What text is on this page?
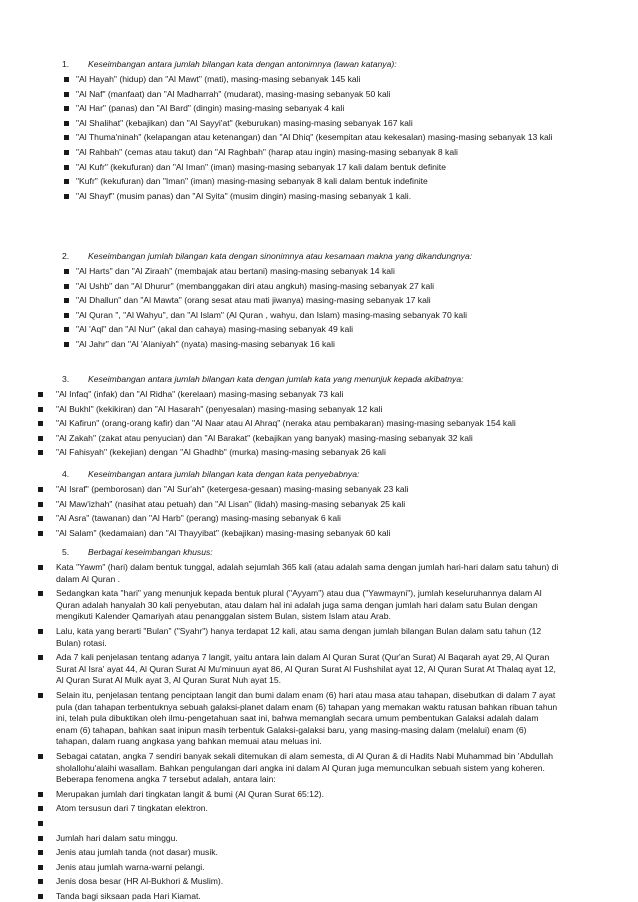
1. Keseimbangan antara jumlah bilangan kata dengan antonimnya (lawan katanya):
"Al Hayah" (hidup) dan "Al Mawt" (mati), masing-masing sebanyak 145 kali
"Al Naf" (manfaat) dan "Al Madharrah" (mudarat), masing-masing sebanyak 50 kali
"Al Har" (panas) dan "Al Bard" (dingin) masing-masing sebanyak 4 kali
"Al Shalihat" (kebajikan) dan "Al Sayyi'at" (keburukan) masing-masing sebanyak 167 kali
"Al Thuma'ninah" (kelapangan atau ketenangan) dan "Al Dhiq" (kesempitan atau kekesalan) masing-masing sebanyak 13 kali
"Al Rahbah" (cemas atau takut) dan "Al Raghbah" (harap atau ingin) masing-masing sebanyak 8 kali
"Al Kufr" (kekufuran) dan "Al Iman" (iman) masing-masing sebanyak 17 kali dalam bentuk definite
"Kufr" (kekufuran) dan "Iman" (iman) masing-masing sebanyak 8 kali dalam bentuk indefinite
"Al Shayf" (musim panas) dan "Al Syita" (musim dingin) masing-masing sebanyak 1 kali.
2. Keseimbangan jumlah bilangan kata dengan sinonimnya atau kesamaan makna yang dikandungnya:
"Al Harts" dan "Al Ziraah" (membajak atau bertani) masing-masing sebanyak 14 kali
"Al Ushb" dan "Al Dhurur" (membanggakan diri atau angkuh) masing-masing sebanyak 27 kali
"Al Dhallun" dan "Al Mawta" (orang sesat atau mati jiwanya) masing-masing sebanyak 17 kali
"Al Quran ", "Al Wahyu", dan "Al Islam" (Al Quran , wahyu, dan Islam) masing-masing sebanyak 70 kali
"Al 'Aql" dan "Al Nur" (akal dan cahaya) masing-masing sebanyak 49 kali
"Al Jahr" dan "Al 'Alaniyah" (nyata) masing-masing sebanyak 16 kali
3. Keseimbangan antara jumlah bilangan kata dengan jumlah kata yang menunjuk kepada akibatnya:
"Al Infaq" (infak) dan "Al Ridha" (kerelaan) masing-masing sebanyak 73 kali
"Al Bukhl" (kekikiran) dan "Al Hasarah" (penyesalan) masing-masing sebanyak 12 kali
"Al Kafirun" (orang-orang kafir) dan "Al Naar atau Al Ahraq" (neraka atau pembakaran) masing-masing sebanyak 154 kali
"Al Zakah" (zakat atau penyucian) dan "Al Barakat" (kebajikan yang banyak) masing-masing sebanyak 32 kali
"Al Fahisyah" (kekejian) dengan "Al Ghadhb" (murka) masing-masing sebanyak 26 kali
4. Keseimbangan antara jumlah bilangan kata dengan kata penyebabnya:
"Al Israf" (pemborosan) dan "Al Sur'ah" (ketergesa-gesaan) masing-masing sebanyak 23 kali
"Al Maw'izhah" (nasihat atau petuah) dan "Al Lisan" (lidah) masing-masing sebanyak 25 kali
"Al Asra" (tawanan) dan "Al Harb" (perang) masing-masing sebanyak 6 kali
"Al Salam" (kedamaian) dan "Al Thayyibat" (kebajikan) masing-masing sebanyak 60 kali
5. Berbagai keseimbangan khusus:
Kata "Yawm" (hari) dalam bentuk tunggal, adalah sejumlah 365 kali (atau adalah sama dengan jumlah hari-hari dalam satu tahun) di
dalam Al Quran .
Sedangkan kata "hari" yang menunjuk kepada bentuk plural ("Ayyam") atau dua ("Yawmayni"), jumlah keseluruhannya dalam Al
Quran adalah hanyalah 30 kali penyebutan, atau dalam hal ini adalah juga sama dengan jumlah hari dalam satu Bulan dengan
mengikuti Kalender Qamariyah atau penanggalan sistem Bulan, sistem Islam atau Arab.
Lalu, kata yang berarti "Bulan" ("Syahr") hanya terdapat 12 kali, atau sama dengan jumlah bilangan Bulan dalam satu tahun (12
Bulan) rotasi.
Ada 7 kali penjelasan tentang adanya 7 langit, yaitu antara lain dalam Al Quran Surat (Qur'an Surat) Al Baqarah ayat 29, Al Quran
Surat Al Isra' ayat 44, Al Quran Surat Al Mu'minuun ayat 86, Al Quran Surat Al Fushshilat ayat 12, Al Quran Surat At Thalaq ayat 12,
Al Quran Surat Al Mulk ayat 3, Al Quran Surat Nuh ayat 15.
Selain itu, penjelasan tentang penciptaan langit dan bumi dalam enam (6) hari atau masa atau tahapan, disebutkan di dalam 7 ayat
pula (dan tahapan terbentuknya sebuah galaksi-planet dalam enam (6) tahapan yang memakan waktu ratusan bahkan ribuan tahun
ini, telah pula dibuktikan oleh ilmu-pengetahuan saat ini, bahwa memanglah secara umum pembentukan Galaksi adalah dalam
enam (6) tahapan, bahkan saat inipun masih terbentuk Galaksi-galaksi baru, yang masing-masing dalam (melalui) enam (6)
tahapan, dalam ruang angkasa yang bahkan memuai atau meluas ini.
Sebagai catatan, angka 7 sendiri banyak sekali ditemukan di alam semesta, di Al Quran & di Hadits Nabi Muhammad bin 'Abdullah
sholallohu'alaihi wasallam. Bahkan pengulangan dari angka ini dalam Al Quran juga memunculkan sebuah sistem yang koheren.
Beberapa fenomena angka 7 tersebut adalah, antara lain:
Merupakan jumlah dari tingkatan langit & bumi (Al Quran Surat 65:12).
Atom tersusun dari 7 tingkatan elektron.
Jumlah hari dalam satu minggu.
Jenis atau jumlah tanda (not dasar) musik.
Jenis atau jumlah warna-warni pelangi.
Jenis dosa besar (HR Al-Bukhori & Muslim).
Tanda bagi siksaan pada Hari Kiamat.
